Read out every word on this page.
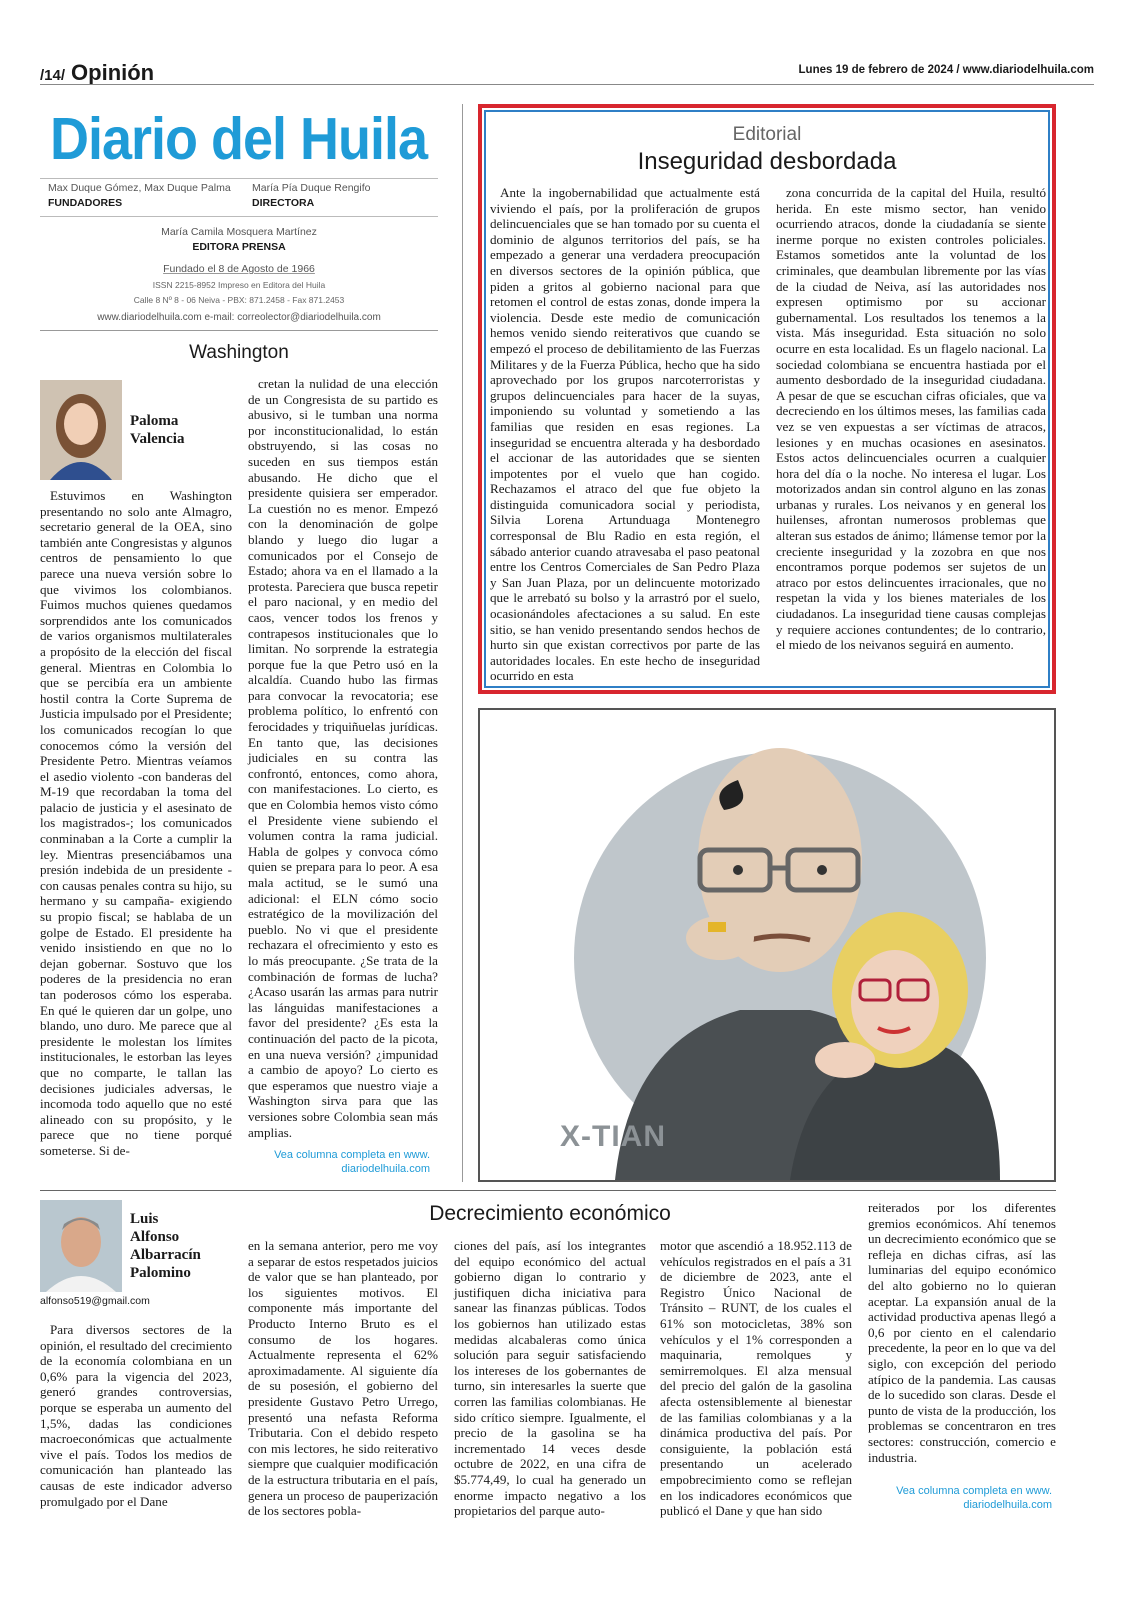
/14/ Opinión	Lunes 19 de febrero de 2024 / www.diariodelhuila.com
Diario del Huila
Max Duque Gómez, Max Duque Palma
FUNDADORES
María Pía Duque Rengifo
DIRECTORA
María Camila Mosquera Martínez
EDITORA PRENSA
Fundado el 8 de Agosto de 1966
ISSN 2215-8952 Impreso en Editora del Huila
Calle 8 Nº 8 - 06 Neiva - PBX: 871.2458 - Fax 871.2453
www.diariodelhuila.com e-mail: correolector@diariodelhuila.com
Washington
Paloma
Valencia

Estuvimos en Washington presentando no solo ante Almagro, secretario general de la OEA, sino también ante Congresistas y algunos centros de pensamiento lo que parece una nueva versión sobre lo que vivimos los colombianos. Fuimos muchos quienes quedamos sorprendidos ante los comunicados de varios organismos multilaterales a propósito de la elección del fiscal general. Mientras en Colombia lo que se percibía era un ambiente hostil contra la Corte Suprema de Justicia impulsado por el Presidente; los comunicados recogían lo que conocemos cómo la versión del Presidente Petro. Mientras veíamos el asedio violento -con banderas del M-19 que recordaban la toma del palacio de justicia y el asesinato de los magistrados-; los comunicados conminaban a la Corte a cumplir la ley. Mientras presenciábamos una presión indebida de un presidente -con causas penales contra su hijo, su hermano y su campaña- exigiendo su propio fiscal; se hablaba de un golpe de Estado. El presidente ha venido insistiendo en que no lo dejan gobernar. Sostuvo que los poderes de la presidencia no eran tan poderosos cómo los esperaba. En qué le quieren dar un golpe, uno blando, uno duro. Me parece que al presidente le molestan los límites institucionales, le estorban las leyes que no comparte, le tallan las decisiones judiciales adversas, le incomoda todo aquello que no esté alineado con su propósito, y le parece que no tiene porqué someterse. Si de-

cretan la nulidad de una elección de un Congresista de su partido es abusivo, si le tumban una norma por inconstitucionalidad, lo están obstruyendo, si las cosas no suceden en sus tiempos están abusando. He dicho que el presidente quisiera ser emperador. La cuestión no es menor. Empezó con la denominación de golpe blando y luego dio lugar a comunicados por el Consejo de Estado; ahora va en el llamado a la protesta. Pareciera que busca repetir el paro nacional, y en medio del caos, vencer todos los frenos y contrapesos institucionales que lo limitan. No sorprende la estrategia porque fue la que Petro usó en la alcaldía. Cuando hubo las firmas para convocar la revocatoria; ese problema político, lo enfrentó con ferocidades y triquiñuelas jurídicas. En tanto que, las decisiones judiciales en su contra las confrontó, entonces, como ahora, con manifestaciones. Lo cierto, es que en Colombia hemos visto cómo el Presidente viene subiendo el volumen contra la rama judicial. Habla de golpes y convoca cómo quien se prepara para lo peor. A esa mala actitud, se le sumó una adicional: el ELN cómo socio estratégico de la movilización del pueblo. No vi que el presidente rechazara el ofrecimiento y esto es lo más preocupante. ¿Se trata de la combinación de formas de lucha? ¿Acaso usarán las armas para nutrir las lánguidas manifestaciones a favor del presidente? ¿Es esta la continuación del pacto de la picota, en una nueva versión? ¿impunidad a cambio de apoyo? Lo cierto es que esperamos que nuestro viaje a Washington sirva para que las versiones sobre Colombia sean más amplias.

Vea columna completa en www.
diariodelhuila.com
Editorial
Inseguridad desbordada

Ante la ingobernabilidad que actualmente está viviendo el país, por la proliferación de grupos delincuenciales que se han tomado por su cuenta el dominio de algunos territorios del país, se ha empezado a generar una verdadera preocupación en diversos sectores de la opinión pública, que piden a gritos al gobierno nacional para que retomen el control de estas zonas, donde impera la violencia. Desde este medio de comunicación hemos venido siendo reiterativos que cuando se empezó el proceso de debilitamiento de las Fuerzas Militares y de la Fuerza Pública, hecho que ha sido aprovechado por los grupos narcoterroristas y grupos delincuenciales para hacer de la suyas, imponiendo su voluntad y sometiendo a las familias que residen en esas regiones. La inseguridad se encuentra alterada y ha desbordado el accionar de las autoridades que se sienten impotentes por el vuelo que han cogido. Rechazamos el atraco del que fue objeto la distinguida comunicadora social y periodista, Silvia Lorena Artunduaga Montenegro corresponsal de Blu Radio en esta región, el sábado anterior cuando atravesaba el paso peatonal entre los Centros Comerciales de San Pedro Plaza y San Juan Plaza, por un delincuente motorizado que le arrebató su bolso y la arrastró por el suelo, ocasionándoles afectaciones a su salud. En este sitio, se han venido presentando sendos hechos de hurto sin que existan correctivos por parte de las autoridades locales. En este hecho de inseguridad ocurrido en esta

zona concurrida de la capital del Huila, resultó herida. En este mismo sector, han venido ocurriendo atracos, donde la ciudadanía se siente inerme porque no existen controles policiales. Estamos sometidos ante la voluntad de los criminales, que deambulan libremente por las vías de la ciudad de Neiva, así las autoridades nos expresen optimismo por su accionar gubernamental. Los resultados los tenemos a la vista. Más inseguridad. Esta situación no solo ocurre en esta localidad. Es un flagelo nacional. La sociedad colombiana se encuentra hastiada por el aumento desbordado de la inseguridad ciudadana. A pesar de que se escuchan cifras oficiales, que va decreciendo en los últimos meses, las familias cada vez se ven expuestas a ser víctimas de atracos, lesiones y en muchas ocasiones en asesinatos. Estos actos delincuenciales ocurren a cualquier hora del día o la noche. No interesa el lugar. Los motorizados andan sin control alguno en las zonas urbanas y rurales. Los neivanos y en general los huilenses, afrontan numerosos problemas que alteran sus estados de ánimo; llámense temor por la creciente inseguridad y la zozobra en que nos encontramos porque podemos ser sujetos de un atraco por estos delincuentes irracionales, que no respetan la vida y los bienes materiales de los ciudadanos. La inseguridad tiene causas complejas y requiere acciones contundentes; de lo contrario, el miedo de los neivanos seguirá en aumento.

X-TIAN
Luis
Alfonso
Albarracín
Palomino
alfonso519@gmail.com
Decrecimiento económico

Para diversos sectores de la opinión, el resultado del crecimiento de la economía colombiana en un 0,6% para la vigencia del 2023, generó grandes controversias, porque se esperaba un aumento del 1,5%, dadas las condiciones macroeconómicas que actualmente vive el país. Todos los medios de comunicación han planteado las causas de este indicador adverso promulgado por el Dane

en la semana anterior, pero me voy a separar de estos respetados juicios de valor que se han planteado, por los siguientes motivos. El componente más importante del Producto Interno Bruto es el consumo de los hogares. Actualmente representa el 62% aproximadamente. Al siguiente día de su posesión, el gobierno del presidente Gustavo Petro Urrego, presentó una nefasta Reforma Tributaria. Con el debido respeto con mis lectores, he sido reiterativo siempre que cualquier modificación de la estructura tributaria en el país, genera un proceso de pauperización de los sectores pobla-

ciones del país, así los integrantes del equipo económico del actual gobierno digan lo contrario y justifiquen dicha iniciativa para sanear las finanzas públicas. Todos los gobiernos han utilizado estas medidas alcabaleras como única solución para seguir satisfaciendo los intereses de los gobernantes de turno, sin interesarles la suerte que corren las familias colombianas. He sido crítico siempre. Igualmente, el precio de la gasolina se ha incrementado 14 veces desde octubre de 2022, en una cifra de $5.774,49, lo cual ha generado un enorme impacto negativo a los propietarios del parque auto-

motor que ascendió a 18.952.113 de vehículos registrados en el país a 31 de diciembre de 2023, ante el Registro Único Nacional de Tránsito – RUNT, de los cuales el 61% son motocicletas, 38% son vehículos y el 1% corresponden a maquinaria, remolques y semirremolques. El alza mensual del precio del galón de la gasolina afecta ostensiblemente al bienestar de las familias colombianas y a la dinámica productiva del país. Por consiguiente, la población está presentando un acelerado empobrecimiento como se reflejan en los indicadores económicos que publicó el Dane y que han sido

reiterados por los diferentes gremios económicos. Ahí tenemos un decrecimiento económico que se refleja en dichas cifras, así las luminarias del equipo económico del alto gobierno no lo quieran aceptar. La expansión anual de la actividad productiva apenas llegó a 0,6 por ciento en el calendario precedente, la peor en lo que va del siglo, con excepción del periodo atípico de la pandemia. Las causas de lo sucedido son claras. Desde el punto de vista de la producción, los problemas se concentraron en tres sectores: construcción, comercio e industria.

Vea columna completa en www.
diariodelhuila.com
